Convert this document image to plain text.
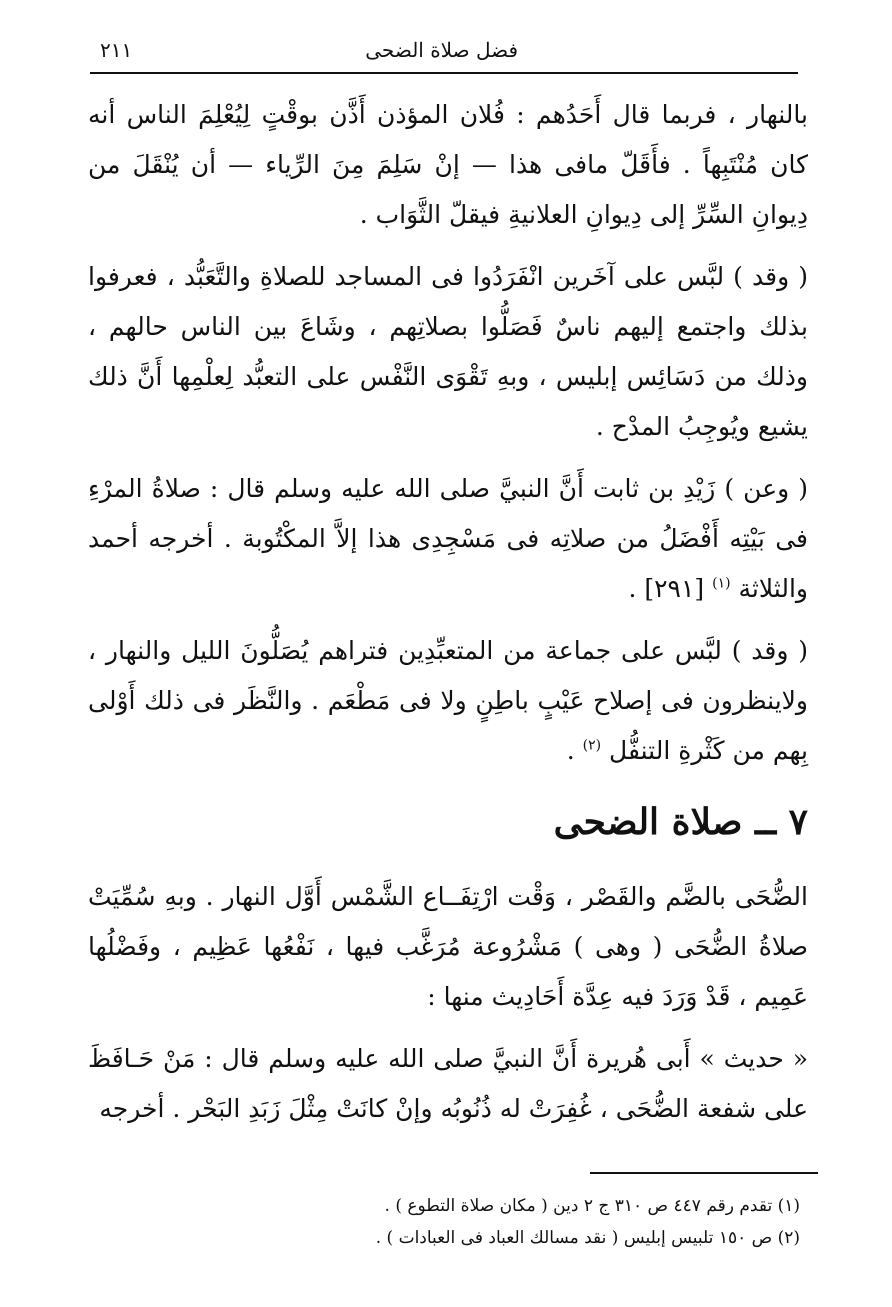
فضل صلاة الضحى
٢١١

بالنهار ، فربما قال أَحَدُهم : فُلان المؤذن أَذَّن بوقْتٍ لِيُعْلِمَ الناس أنه كان مُنْتَبِهاً . فأَقَلّ مافى هذا — إنْ سَلِمَ مِنَ الرِّياء — أن يُنْقَلَ من دِيوانِ السِّرِّ إلى دِيوانِ العلانيةِ فيقلّ الثَّوَاب .

( وقد ) لبَّس على آخَرين انْفَرَدُوا فى المساجد للصلاةِ والتَّعَبُّد ، فعرفوا بذلك واجتمع إليهم ناسٌ فَصَلُّوا بصلاتِهم ، وشَاعَ بين الناس حالهم ، وذلك من دَسَائِس إبليس ، وبهِ تَقْوَى النَّفْس على التعبُّد لِعلْمِها أَنَّ ذلك يشيع ويُوجِبُ المدْح .

( وعن ) زَيْدِ بن ثابت أَنَّ النبيَّ صلى الله عليه وسلم قال : صلاةُ المرْءِ فى بَيْتِه أَفْضَلُ من صلاتِه فى مَسْجِدِى هذا إلاَّ المكْتُوبة . أخرجه أحمد والثلاثة $^{(١)}$ [٢٩١] .

( وقد ) لبَّس على جماعة من المتعبِّدِين فتراهم يُصَلُّونَ الليل والنهار ، ولاينظرون فى إصلاح عَيْبٍ باطِنٍ ولا فى مَطْعَم . والنَّظَر فى ذلك أَوْلى بِهم من كَثْرةِ التنفُّل $^{(٢)}$ .

٧ ــ صلاة الضحى

الضُّحَى بالضَّم والقَصْر ، وَقْت ارْتِفَــاع الشَّمْس أَوَّل النهار . وبهِ سُمِّيَتْ صلاةُ الضُّحَى ( وهى ) مَشْرُوعة مُرَغَّب فيها ، نَفْعُها عَظِيم ، وفَضْلُها عَمِيم ، قَدْ وَرَدَ فيه عِدَّة أَحَادِيث منها :

« حديث » أَبى هُريرة أَنَّ النبيَّ صلى الله عليه وسلم قال : مَنْ حَـافَظَ على شفعة الضُّحَى ، غُفِرَتْ له ذُنُوبُه وإنْ كانَتْ مِثْلَ زَبَدِ البَحْر . أخرجه

(١) تقدم رقم ٤٤٧ ص ٣١٠ ج ٢ دين ( مكان صلاة التطوع ) .
(٢) ص ١٥٠ تلبيس إبليس ( نقد مسالك العباد فى العبادات ) .
